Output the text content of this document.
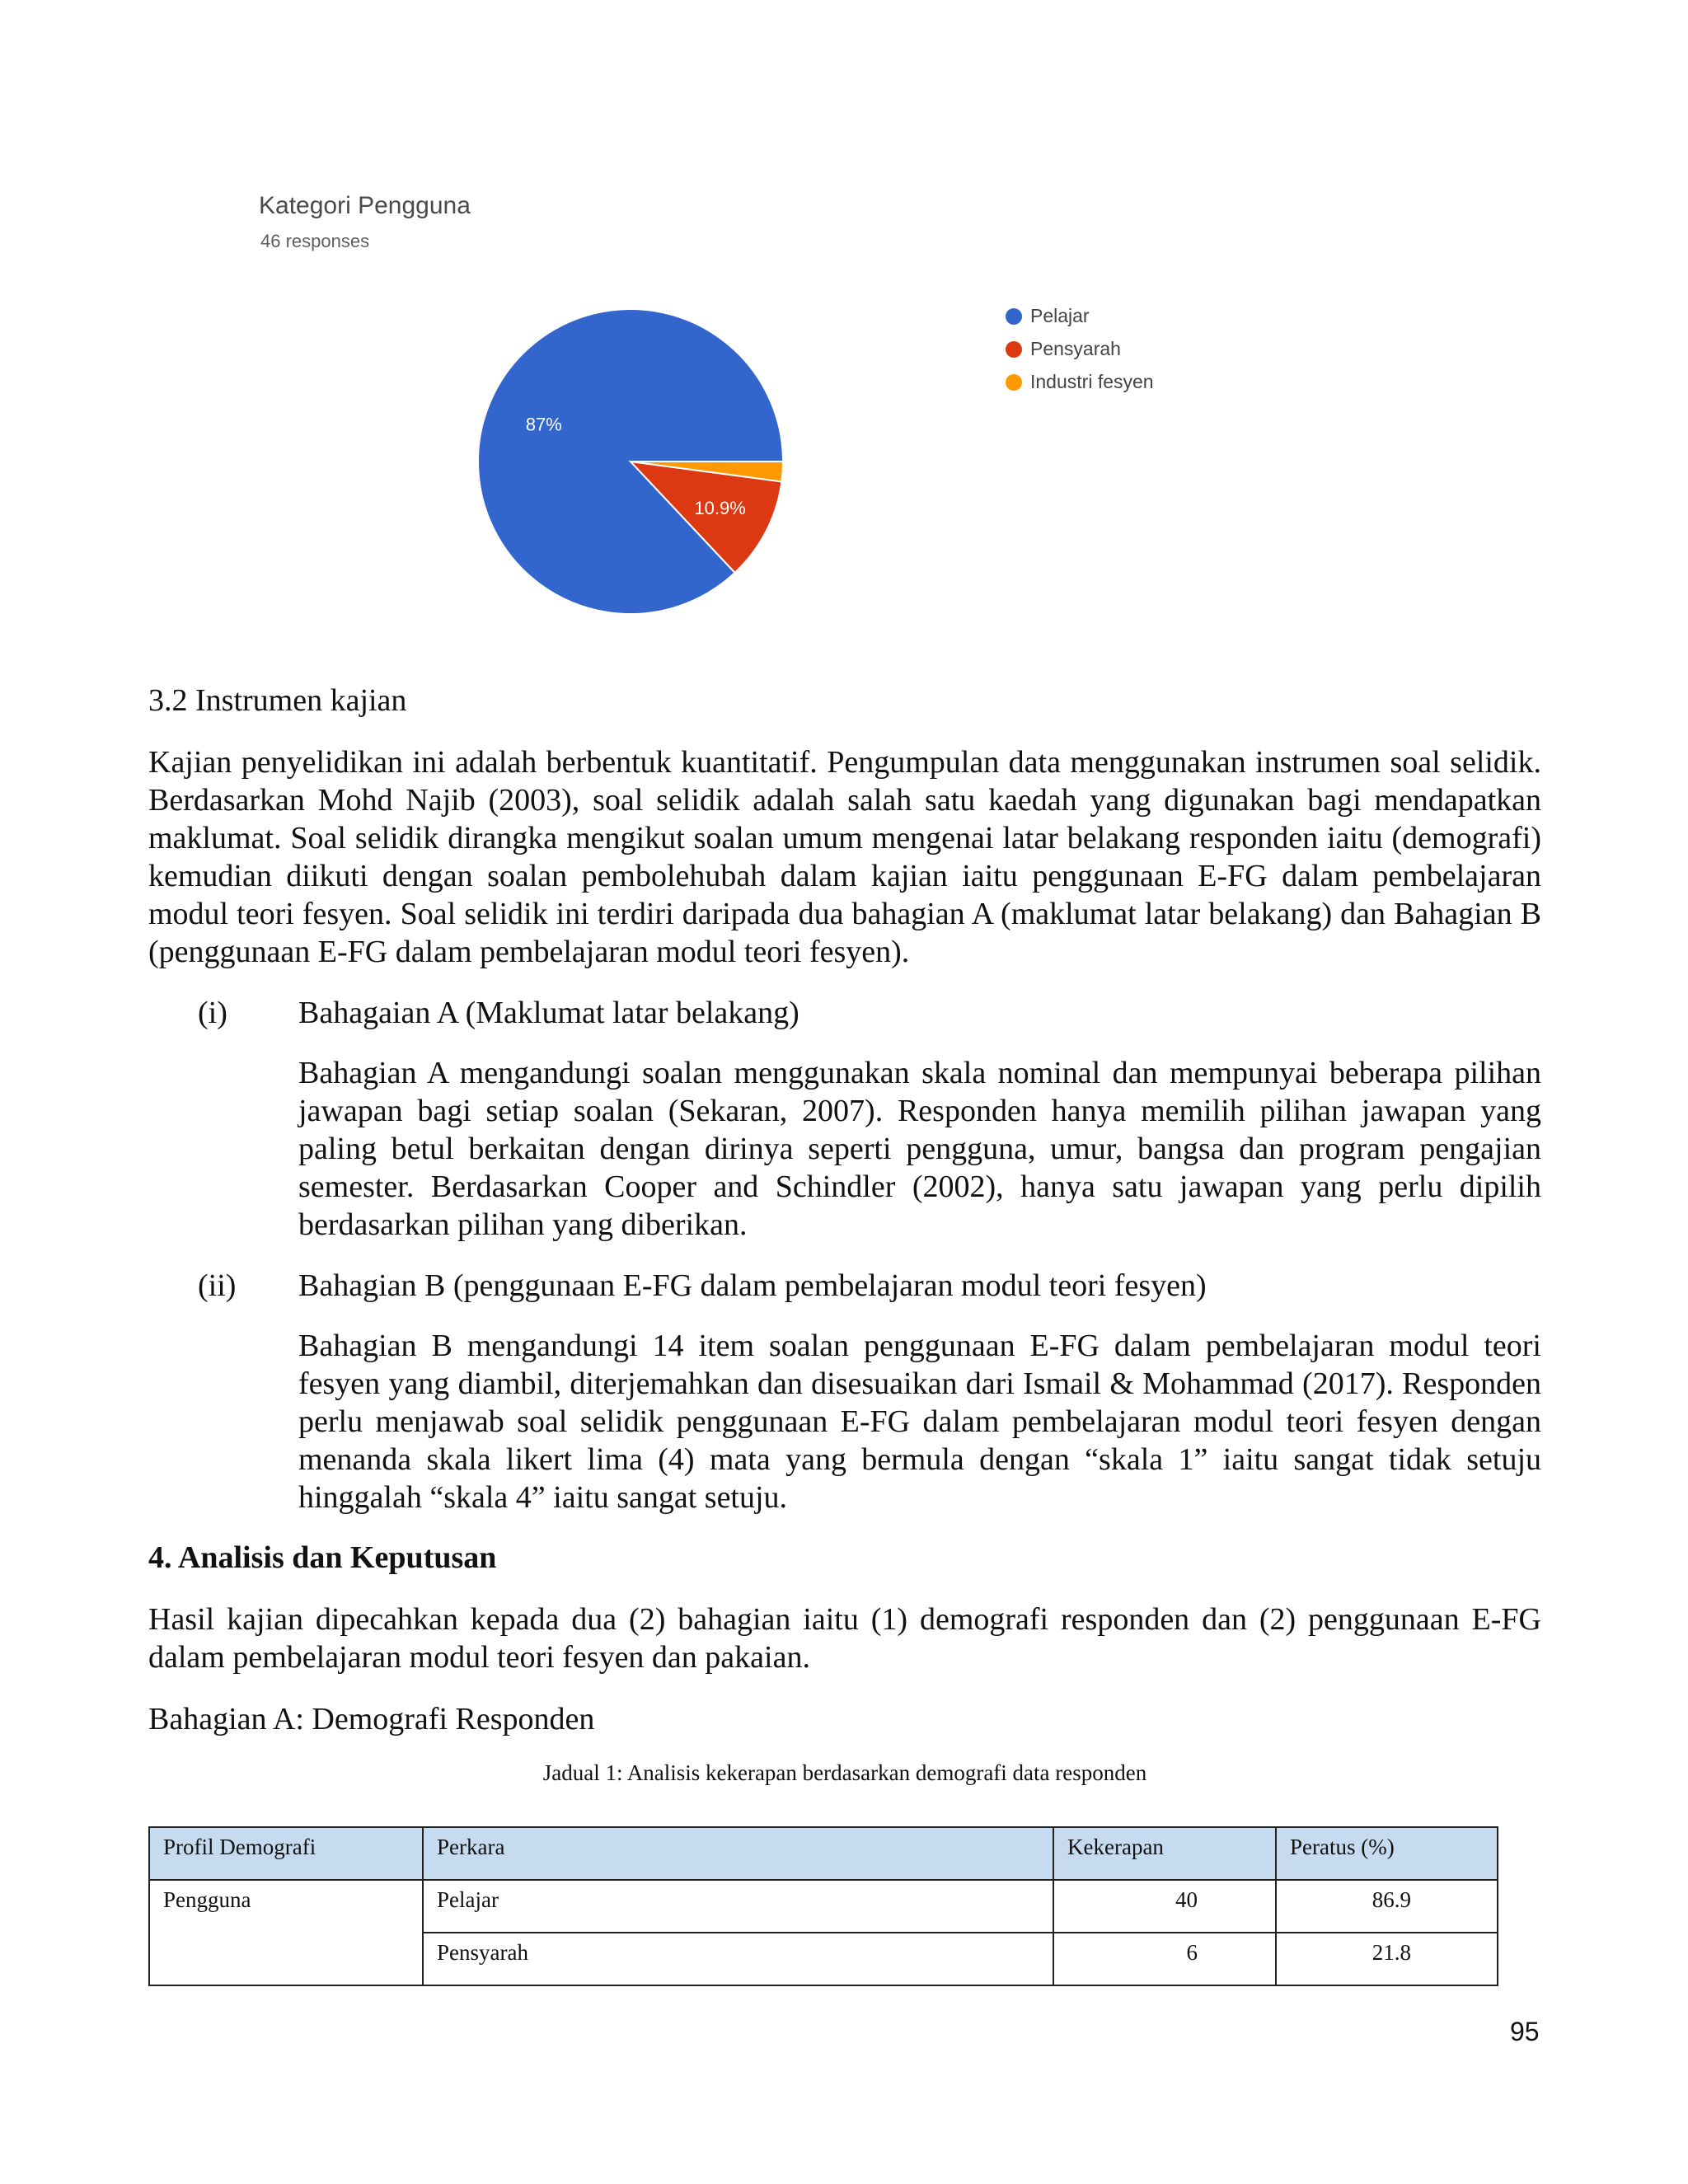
Kategori Pengguna
46 responses
87%
10.9%
Pelajar
Pensyarah
Industri fesyen
3.2 Instrumen kajian
Kajian penyelidikan ini adalah berbentuk kuantitatif. Pengumpulan data menggunakan instrumen soal selidik. Berdasarkan Mohd Najib (2003), soal selidik adalah salah satu kaedah yang digunakan bagi mendapatkan maklumat. Soal selidik dirangka mengikut soalan umum mengenai latar belakang responden iaitu (demografi) kemudian diikuti dengan soalan pembolehubah dalam kajian iaitu penggunaan E-FG dalam pembelajaran modul teori fesyen. Soal selidik ini terdiri daripada dua bahagian A (maklumat latar belakang) dan Bahagian B (penggunaan E-FG dalam pembelajaran modul teori fesyen).
(i) Bahagaian A (Maklumat latar belakang)
Bahagian A mengandungi soalan menggunakan skala nominal dan mempunyai beberapa pilihan jawapan bagi setiap soalan (Sekaran, 2007). Responden hanya memilih pilihan jawapan yang paling betul berkaitan dengan dirinya seperti pengguna, umur, bangsa dan program pengajian semester. Berdasarkan Cooper and Schindler (2002), hanya satu jawapan yang perlu dipilih berdasarkan pilihan yang diberikan.
(ii) Bahagian B (penggunaan E-FG dalam pembelajaran modul teori fesyen)
Bahagian B mengandungi 14 item soalan penggunaan E-FG dalam pembelajaran modul teori fesyen yang diambil, diterjemahkan dan disesuaikan dari Ismail & Mohammad (2017). Responden perlu menjawab soal selidik penggunaan E-FG dalam pembelajaran modul teori fesyen dengan menanda skala likert lima (4) mata yang bermula dengan “skala 1” iaitu sangat tidak setuju hinggalah “skala 4” iaitu sangat setuju.
4. Analisis dan Keputusan
Hasil kajian dipecahkan kepada dua (2) bahagian iaitu (1) demografi responden dan (2) penggunaan E-FG dalam pembelajaran modul teori fesyen dan pakaian.
Bahagian A: Demografi Responden
Jadual 1: Analisis kekerapan berdasarkan demografi data responden
Profil Demografi	Perkara	Kekerapan	Peratus (%)
Pengguna	Pelajar	40	86.9
	Pensyarah	6	21.8
95
